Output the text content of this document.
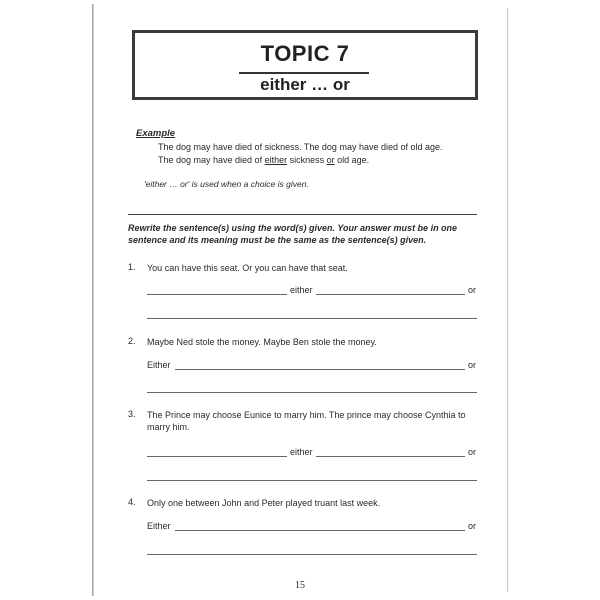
TOPIC 7
either … or
Example
The dog may have died of sickness. The dog may have died of old age.
The dog may have died of either sickness or old age.
'either … or' is used when a choice is given.
Rewrite the sentence(s) using the word(s) given. Your answer must be in one sentence and its meaning must be the same as the sentence(s) given.
1. You can have this seat. Or you can have that seat.
either	or
2. Maybe Ned stole the money. Maybe Ben stole the money.
Either	or
3. The Prince may choose Eunice to marry him. The prince may choose Cynthia to marry him.
either	or
4. Only one between John and Peter played truant last week.
Either	or
15
